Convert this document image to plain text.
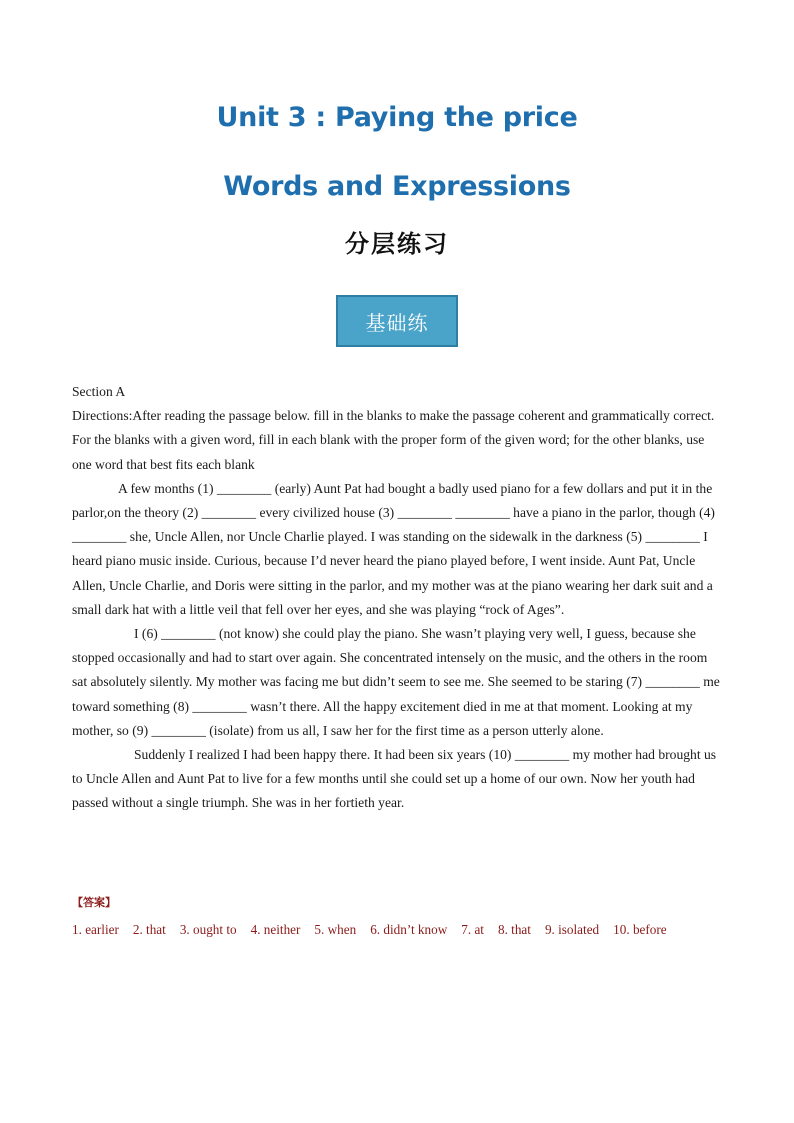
Unit 3 : Paying the price
Words and Expressions
分层练习
基础练

Section A

Directions:After reading the passage below. fill in the blanks to make the passage coherent and grammatically correct. For the blanks with a given word, fill in each blank with the proper form of the given word; for the other blanks, use one word that best fits each blank

A few months (1) ________ (early) Aunt Pat had bought a badly used piano for a few dollars and put it in the parlor,on the theory (2) ________ every civilized house (3) ________ ________ have a piano in the parlor, though (4) ________ she, Uncle Allen, nor Uncle Charlie played. I was standing on the sidewalk in the darkness (5) ________ I heard piano music inside. Curious, because I’d never heard the piano played before, I went inside. Aunt Pat, Uncle Allen, Uncle Charlie, and Doris were sitting in the parlor, and my mother was at the piano wearing her dark suit and a small dark hat with a little veil that fell over her eyes, and she was playing “rock of Ages”.

I (6) ________ (not know) she could play the piano. She wasn’t playing very well, I guess, because she stopped occasionally and had to start over again. She concentrated intensely on the music, and the others in the room sat absolutely silently. My mother was facing me but didn’t seem to see me. She seemed to be staring (7) ________ me toward something (8) ________ wasn’t there. All the happy excitement died in me at that moment. Looking at my mother, so (9) ________ (isolate) from us all, I saw her for the first time as a person utterly alone.

Suddenly I realized I had been happy there. It had been six years (10) ________ my mother had brought us to Uncle Allen and Aunt Pat to live for a few months until she could set up a home of our own. Now her youth had passed without a single triumph. She was in her fortieth year.

【答案】
1. earlier 2. that 3. ought to 4. neither 5. when 6. didn’t know 7. at 8. that 9. isolated 10. before
